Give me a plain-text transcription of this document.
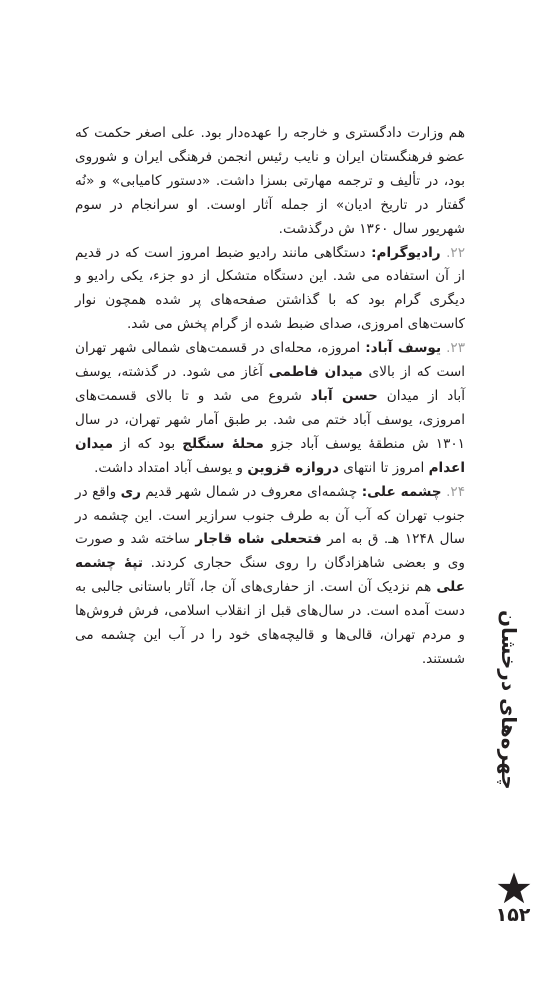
هم وزارت دادگستری و خارجه را عهده‌دار بود. علی اصغر حکمت که عضو فرهنگستان ایران و نایب رئیس انجمن فرهنگی ایران و شوروی بود، در تألیف و ترجمه مهارتی بسزا داشت. «دستور کامیابی» و «نُه گفتار در تاریخ ادیان» از جمله آثار اوست. او سرانجام در سوم شهریور سال ۱۳۶۰ ش درگذشت.

۲۲. رادیوگرام: دستگاهی مانند رادیو ضبط امروز است که در قدیم از آن استفاده می شد. این دستگاه متشکل از دو جزء، یکی رادیو و دیگری گرام بود که با گذاشتن صفحه‌های پر شده همچون نوار کاست‌های امروزی، صدای ضبط شده از گرام پخش می شد.

۲۳. یوسف آباد: امروزه، محله‌ای در قسمت‌های شمالی شهر تهران است که از بالای میدان فاطمی آغاز می شود. در گذشته، یوسف آباد از میدان حسن آباد شروع می شد و تا بالای قسمت‌های امروزی، یوسف آباد ختم می شد. بر طبق آمار شهر تهران، در سال ۱۳۰۱ ش منطقهٔ یوسف آباد جزو محلهٔ سنگلج بود که از میدان اعدام امروز تا انتهای دروازه قزوین و یوسف آباد امتداد داشت.

۲۴. چشمه علی: چشمه‌ای معروف در شمال شهر قدیم ری واقع در جنوب تهران که آب آن به طرف جنوب سرازیر است. این چشمه در سال ۱۲۴۸ هـ. ق به امر فتحعلی شاه قاجار ساخته شد و صورت وی و بعضی شاهزادگان را روی سنگ حجاری کردند. تپهٔ چشمه علی هم نزدیک آن است. از حفاری‌های آن جا، آثار باستانی جالبی به دست آمده است. در سال‌های قبل از انقلاب اسلامی، فرش فروش‌ها و مردم تهران، قالی‌ها و قالیچه‌های خود را در آب این چشمه می شستند. چهره‌های درخشان
۱۵۲
